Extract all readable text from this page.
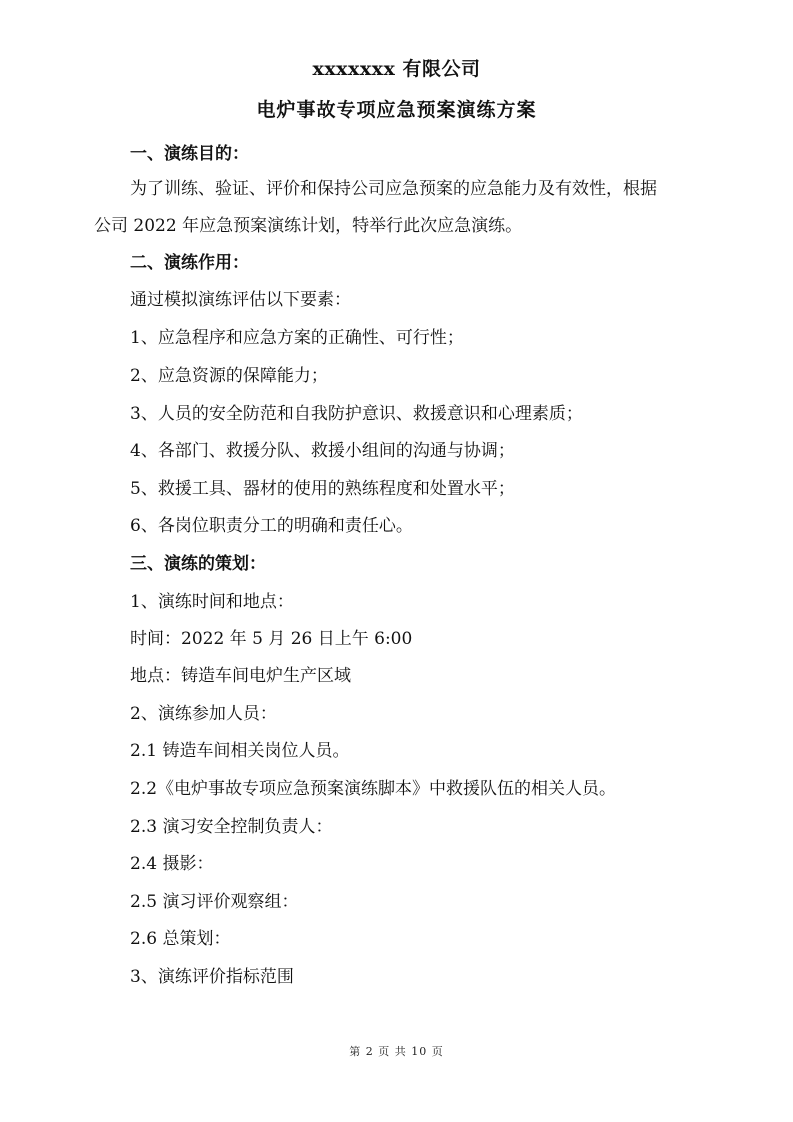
xxxxxxx 有限公司
电炉事故专项应急预案演练方案
一、演练目的：
为了训练、验证、评价和保持公司应急预案的应急能力及有效性，根据
公司 2022 年应急预案演练计划，特举行此次应急演练。
二、演练作用：
通过模拟演练评估以下要素：
1、应急程序和应急方案的正确性、可行性；
2、应急资源的保障能力；
3、人员的安全防范和自我防护意识、救援意识和心理素质；
4、各部门、救援分队、救援小组间的沟通与协调；
5、救援工具、器材的使用的熟练程度和处置水平；
6、各岗位职责分工的明确和责任心。
三、演练的策划：
1、演练时间和地点：
时间：2022 年 5 月 26 日上午 6:00
地点：铸造车间电炉生产区域
2、演练参加人员：
2.1 铸造车间相关岗位人员。
2.2《电炉事故专项应急预案演练脚本》中救援队伍的相关人员。
2.3 演习安全控制负责人：
2.4 摄影：
2.5 演习评价观察组：
2.6 总策划：
3、演练评价指标范围
第 2 页 共 10 页
